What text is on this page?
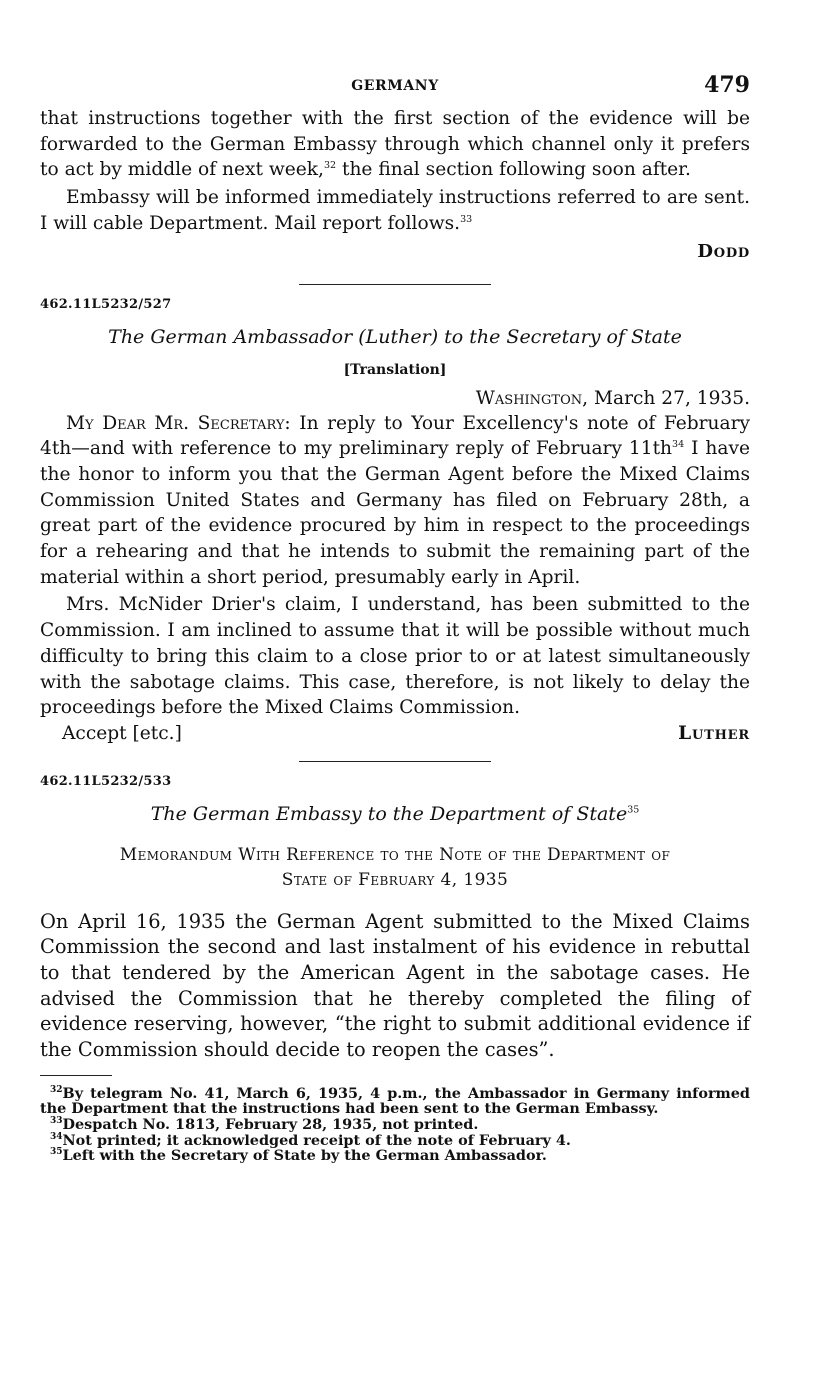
GERMANY	479

that instructions together with the first section of the evidence will be forwarded to the German Embassy through which channel only it prefers to act by middle of next week,$^{32}$ the final section following soon after.

Embassy will be informed immediately instructions referred to are sent. I will cable Department. Mail report follows.$^{33}$

Dodd
462.11L5232/527
The German Ambassador (Luther) to the Secretary of State
[Translation]
Washington, March 27, 1935.

My Dear Mr. Secretary: In reply to Your Excellency's note of February 4th—and with reference to my preliminary reply of February $11th^{34}$ I have the honor to inform you that the German Agent before the Mixed Claims Commission United States and Germany has filed on February 28th, a great part of the evidence procured by him in respect to the proceedings for a rehearing and that he intends to submit the remaining part of the material within a short period, presumably early in April.

Mrs. McNider Drier's claim, I understand, has been submitted to the Commission. I am inclined to assume that it will be possible without much difficulty to bring this claim to a close prior to or at latest simultaneously with the sabotage claims. This case, therefore, is not likely to delay the proceedings before the Mixed Claims Commission.

Accept [etc.]	Luther
462.11L5232/533
The German Embassy to the Department of State$^{35}$
Memorandum With Reference to the Note of the Department of
State of February 4, 1935

On April 16, 1935 the German Agent submitted to the Mixed Claims Commission the second and last instalment of his evidence in rebuttal to that tendered by the American Agent in the sabotage cases. He advised the Commission that he thereby completed the filing of evidence reserving, however, “the right to submit additional evidence if the Commission should decide to reopen the cases”.

$^{32}$By telegram No. 41, March 6, 1935, 4 p.m., the Ambassador in Germany informed the Department that the instructions had been sent to the German Embassy.

$^{33}$Despatch No. 1813, February 28, 1935, not printed.

$^{34}$Not printed; it acknowledged receipt of the note of February 4.

$^{35}$Left with the Secretary of State by the German Ambassador.
